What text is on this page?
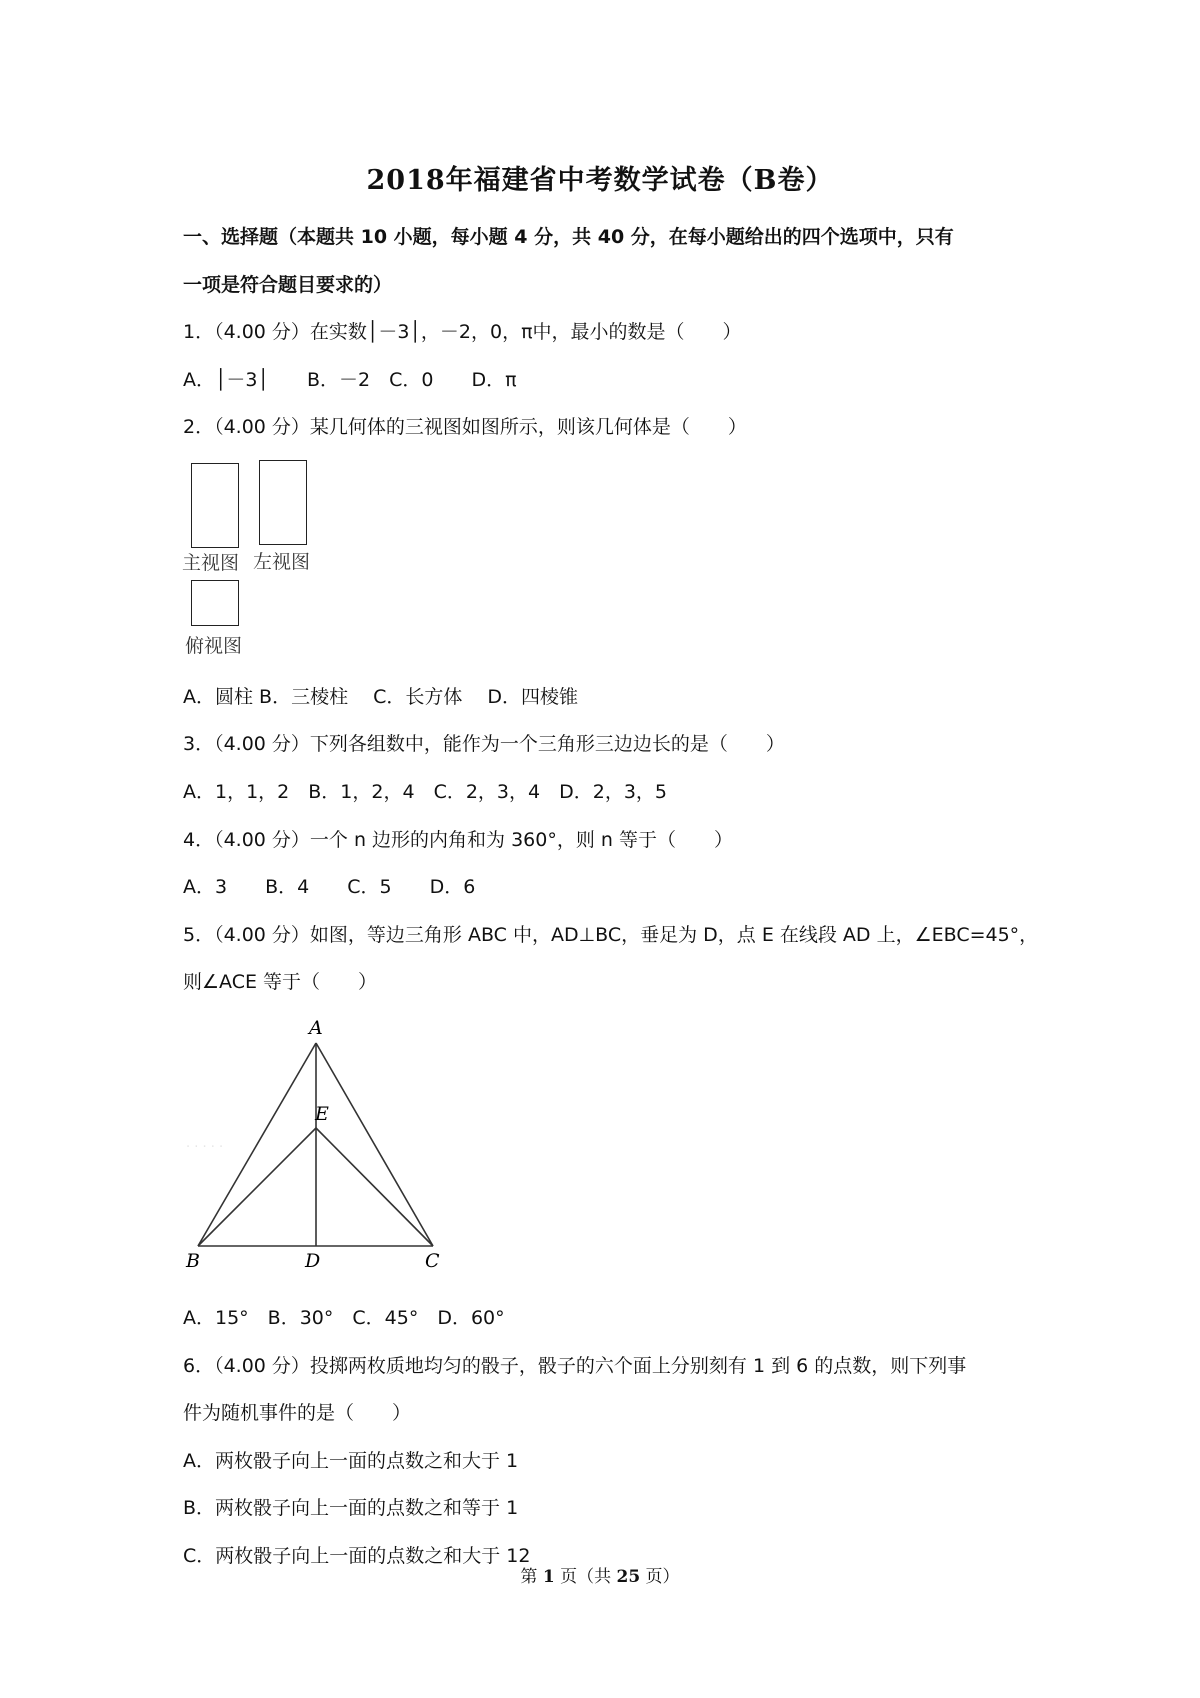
2018年福建省中考数学试卷（B卷）
一、选择题（本题共 10 小题，每小题 4 分，共 40 分，在每小题给出的四个选项中，只有
一项是符合题目要求的）
1．（4.00 分）在实数│－3│，－2，0，π中，最小的数是（　　）
A．│－3│　　B．－2　C．0　　D．π
2．（4.00 分）某几何体的三视图如图所示，则该几何体是（　　）
主视图 左视图
俯视图
A．圆柱 B．三棱柱　 C．长方体　 D．四棱锥
3．（4.00 分）下列各组数中，能作为一个三角形三边边长的是（　　）
A．1，1，2　B．1，2，4　C．2，3，4　D．2，3，5
4．（4.00 分）一个 n 边形的内角和为 360°，则 n 等于（　　）
A．3　　B．4　　C．5　　D．6
5．（4.00 分）如图，等边三角形 ABC 中，AD⊥BC，垂足为 D，点 E 在线段 AD 上，∠EBC=45°，
则∠ACE 等于（　　）
· · · · ·
A
E
B	D	C
A．15°　B．30°　C．45°　D．60°
6．（4.00 分）投掷两枚质地均匀的骰子，骰子的六个面上分别刻有 1 到 6 的点数，则下列事
件为随机事件的是（　　）
A．两枚骰子向上一面的点数之和大于 1
B．两枚骰子向上一面的点数之和等于 1
C．两枚骰子向上一面的点数之和大于 12
第 1 页（共 25 页）
